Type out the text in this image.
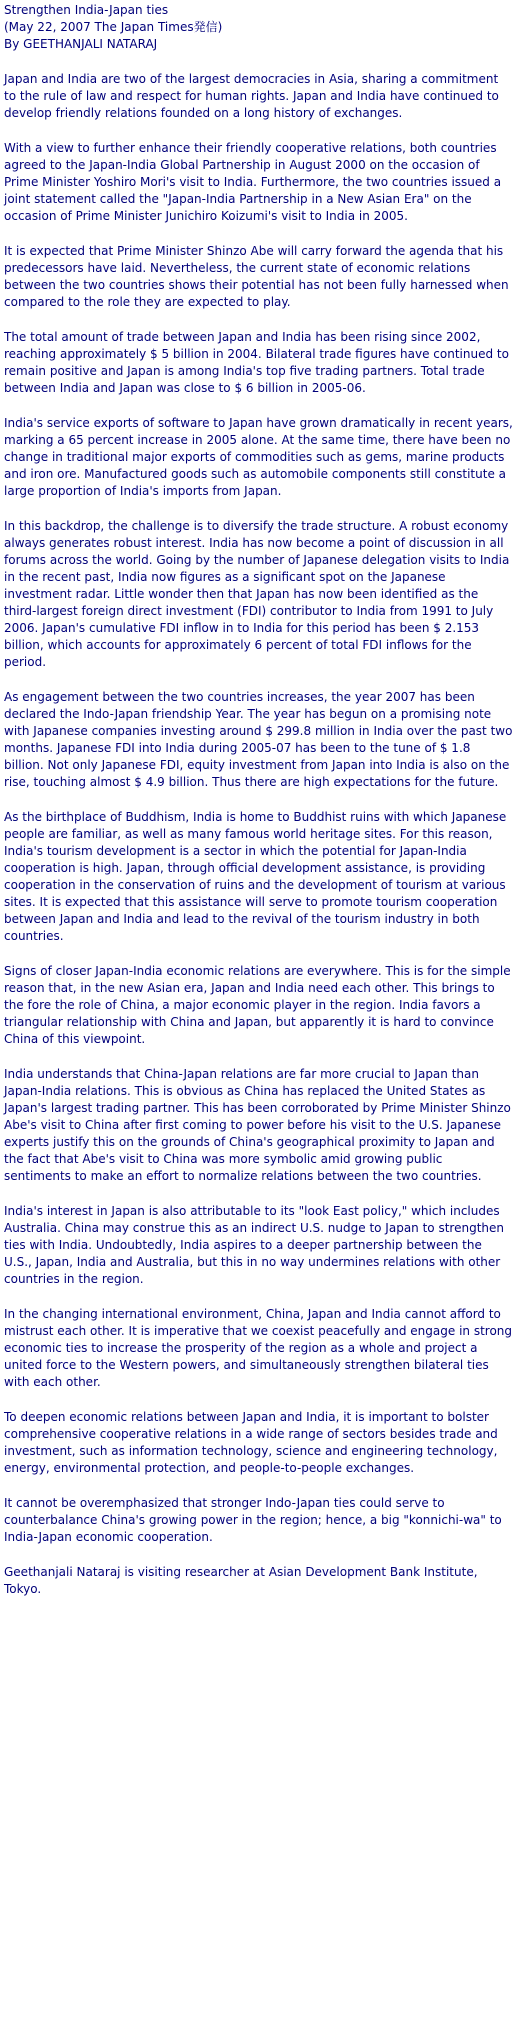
Strengthen India-Japan ties
(May 22, 2007 The Japan Times発信)
By GEETHANJALI NATARAJ

Japan and India are two of the largest democracies in Asia, sharing a commitment to the rule of law and respect for human rights. Japan and India have continued to develop friendly relations founded on a long history of exchanges.

With a view to further enhance their friendly cooperative relations, both countries agreed to the Japan-India Global Partnership in August 2000 on the occasion of Prime Minister Yoshiro Mori's visit to India. Furthermore, the two countries issued a joint statement called the "Japan-India Partnership in a New Asian Era" on the occasion of Prime Minister Junichiro Koizumi's visit to India in 2005.

It is expected that Prime Minister Shinzo Abe will carry forward the agenda that his predecessors have laid. Nevertheless, the current state of economic relations between the two countries shows their potential has not been fully harnessed when compared to the role they are expected to play.

The total amount of trade between Japan and India has been rising since 2002, reaching approximately $ 5 billion in 2004. Bilateral trade figures have continued to remain positive and Japan is among India's top five trading partners. Total trade between India and Japan was close to $ 6 billion in 2005-06.

India's service exports of software to Japan have grown dramatically in recent years, marking a 65 percent increase in 2005 alone. At the same time, there have been no change in traditional major exports of commodities such as gems, marine products and iron ore. Manufactured goods such as automobile components still constitute a large proportion of India's imports from Japan.

In this backdrop, the challenge is to diversify the trade structure. A robust economy always generates robust interest. India has now become a point of discussion in all forums across the world. Going by the number of Japanese delegation visits to India in the recent past, India now figures as a significant spot on the Japanese investment radar. Little wonder then that Japan has now been identified as the third-largest foreign direct investment (FDI) contributor to India from 1991 to July 2006. Japan's cumulative FDI inflow in to India for this period has been $ 2.153 billion, which accounts for approximately 6 percent of total FDI inflows for the period.

As engagement between the two countries increases, the year 2007 has been declared the Indo-Japan friendship Year. The year has begun on a promising note with Japanese companies investing around $ 299.8 million in India over the past two months. Japanese FDI into India during 2005-07 has been to the tune of $ 1.8 billion. Not only Japanese FDI, equity investment from Japan into India is also on the rise, touching almost $ 4.9 billion. Thus there are high expectations for the future.

As the birthplace of Buddhism, India is home to Buddhist ruins with which Japanese people are familiar, as well as many famous world heritage sites. For this reason, India's tourism development is a sector in which the potential for Japan-India cooperation is high. Japan, through official development assistance, is providing cooperation in the conservation of ruins and the development of tourism at various sites. It is expected that this assistance will serve to promote tourism cooperation between Japan and India and lead to the revival of the tourism industry in both countries.

Signs of closer Japan-India economic relations are everywhere. This is for the simple reason that, in the new Asian era, Japan and India need each other. This brings to the fore the role of China, a major economic player in the region. India favors a triangular relationship with China and Japan, but apparently it is hard to convince China of this viewpoint.

India understands that China-Japan relations are far more crucial to Japan than Japan-India relations. This is obvious as China has replaced the United States as Japan's largest trading partner. This has been corroborated by Prime Minister Shinzo Abe's visit to China after first coming to power before his visit to the U.S. Japanese experts justify this on the grounds of China's geographical proximity to Japan and the fact that Abe's visit to China was more symbolic amid growing public sentiments to make an effort to normalize relations between the two countries.

India's interest in Japan is also attributable to its "look East policy," which includes Australia. China may construe this as an indirect U.S. nudge to Japan to strengthen ties with India. Undoubtedly, India aspires to a deeper partnership between the U.S., Japan, India and Australia, but this in no way undermines relations with other countries in the region.

In the changing international environment, China, Japan and India cannot afford to mistrust each other. It is imperative that we coexist peacefully and engage in strong economic ties to increase the prosperity of the region as a whole and project a united force to the Western powers, and simultaneously strengthen bilateral ties with each other.

To deepen economic relations between Japan and India, it is important to bolster comprehensive cooperative relations in a wide range of sectors besides trade and investment, such as information technology, science and engineering technology, energy, environmental protection, and people-to-people exchanges.

It cannot be overemphasized that stronger Indo-Japan ties could serve to counterbalance China's growing power in the region; hence, a big "konnichi-wa" to India-Japan economic cooperation.

Geethanjali Nataraj is visiting researcher at Asian Development Bank Institute, Tokyo.
